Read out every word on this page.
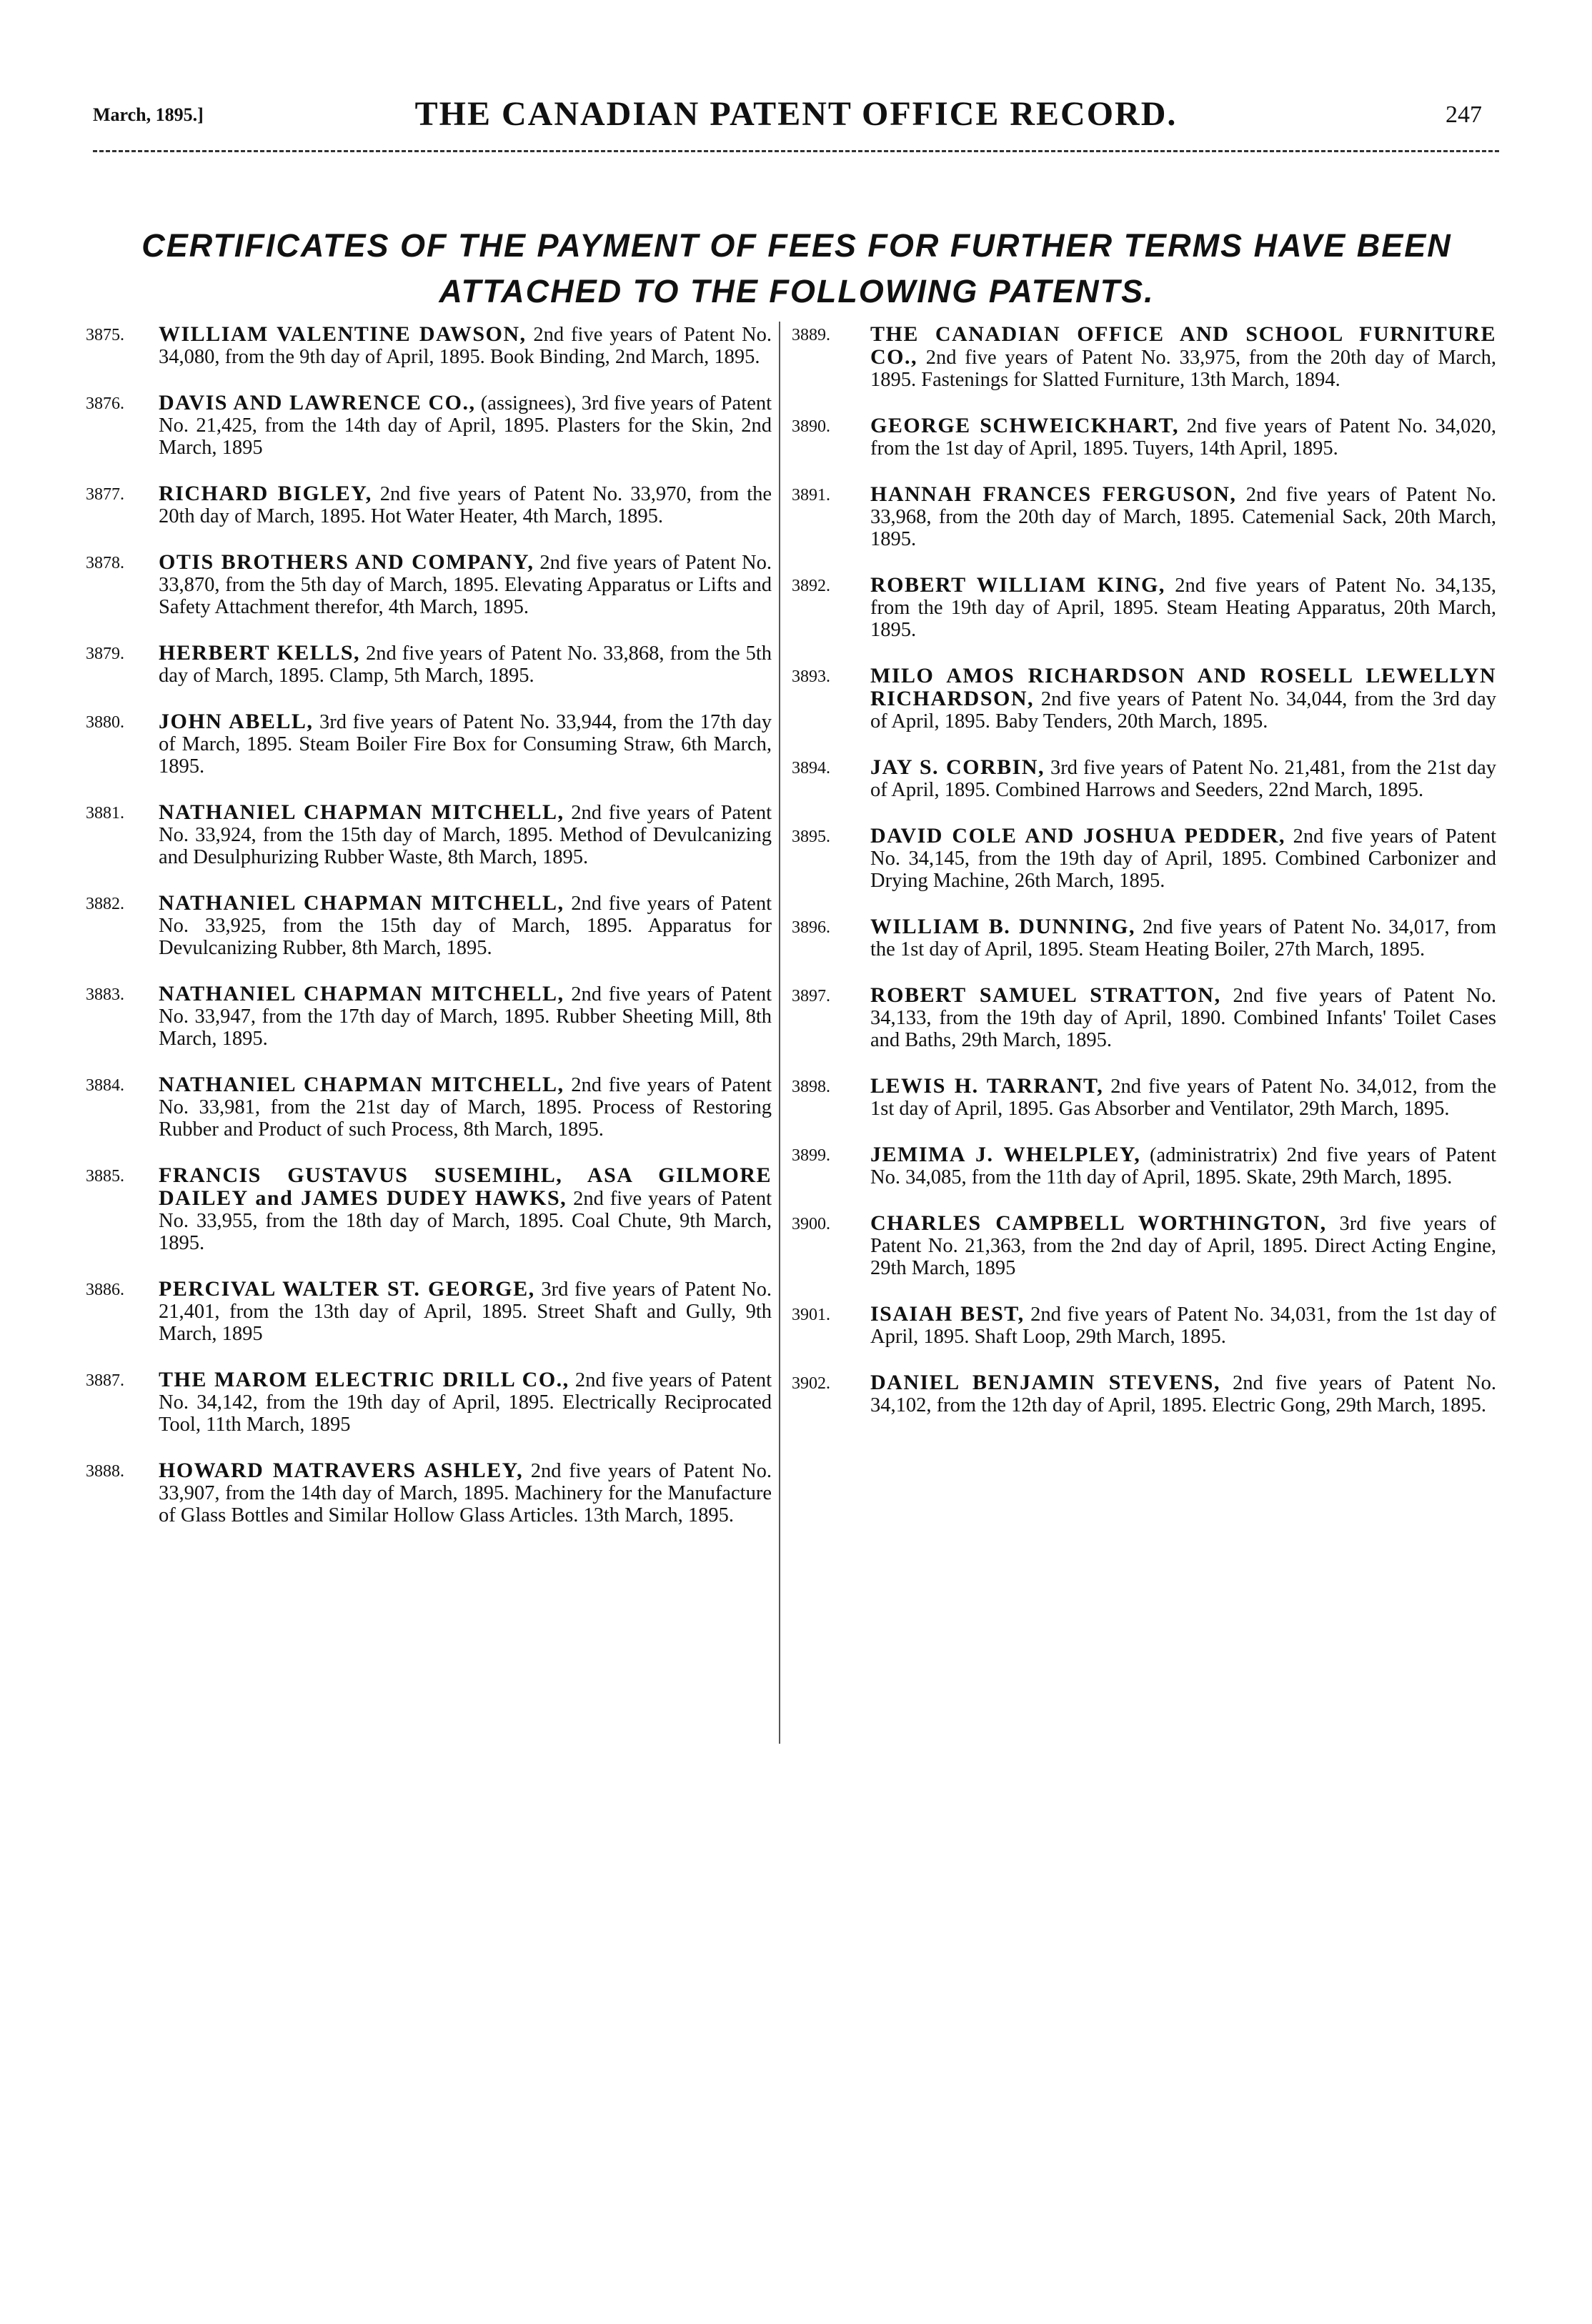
March, 1895.]	THE CANADIAN PATENT OFFICE RECORD.	247
CERTIFICATES OF THE PAYMENT OF FEES FOR FURTHER TERMS HAVE BEEN ATTACHED TO THE FOLLOWING PATENTS.
3875. WILLIAM VALENTINE DAWSON, 2nd five years of Patent No. 34,080, from the 9th day of April, 1895. Book Binding, 2nd March, 1895.
3876. DAVIS AND LAWRENCE CO., (assignees), 3rd five years of Patent No. 21,425, from the 14th day of April, 1895. Plasters for the Skin, 2nd March, 1895
3877. RICHARD BIGLEY, 2nd five years of Patent No. 33,970, from the 20th day of March, 1895. Hot Water Heater, 4th March, 1895.
3878. OTIS BROTHERS AND COMPANY, 2nd five years of Patent No. 33,870, from the 5th day of March, 1895. Elevating Apparatus or Lifts and Safety Attachment therefor, 4th March, 1895.
3879. HERBERT KELLS, 2nd five years of Patent No. 33,868, from the 5th day of March, 1895. Clamp, 5th March, 1895.
3880. JOHN ABELL, 3rd five years of Patent No. 33,944, from the 17th day of March, 1895. Steam Boiler Fire Box for Consuming Straw, 6th March, 1895.
3881. NATHANIEL CHAPMAN MITCHELL, 2nd five years of Patent No. 33,924, from the 15th day of March, 1895. Method of Devulcanizing and Desulphurizing Rubber Waste, 8th March, 1895.
3882. NATHANIEL CHAPMAN MITCHELL, 2nd five years of Patent No. 33,925, from the 15th day of March, 1895. Apparatus for Devulcanizing Rubber, 8th March, 1895.
3883. NATHANIEL CHAPMAN MITCHELL, 2nd five years of Patent No. 33,947, from the 17th day of March, 1895. Rubber Sheeting Mill, 8th March, 1895.
3884. NATHANIEL CHAPMAN MITCHELL, 2nd five years of Patent No. 33,981, from the 21st day of March, 1895. Process of Restoring Rubber and Product of such Process, 8th March, 1895.
3885. FRANCIS GUSTAVUS SUSEMIHL, ASA GILMORE DAILEY and JAMES DUDEY HAWKS, 2nd five years of Patent No. 33,955, from the 18th day of March, 1895. Coal Chute, 9th March, 1895.
3886. PERCIVAL WALTER ST. GEORGE, 3rd five years of Patent No. 21,401, from the 13th day of April, 1895. Street Shaft and Gully, 9th March, 1895
3887. THE MAROM ELECTRIC DRILL CO., 2nd five years of Patent No. 34,142, from the 19th day of April, 1895. Electrically Reciprocated Tool, 11th March, 1895
3888. HOWARD MATRAVERS ASHLEY, 2nd five years of Patent No. 33,907, from the 14th day of March, 1895. Machinery for the Manufacture of Glass Bottles and Similar Hollow Glass Articles. 13th March, 1895.
3889. THE CANADIAN OFFICE AND SCHOOL FURNITURE CO., 2nd five years of Patent No. 33,975, from the 20th day of March, 1895. Fastenings for Slatted Furniture, 13th March, 1894.
3890. GEORGE SCHWEICKHART, 2nd five years of Patent No. 34,020, from the 1st day of April, 1895. Tuyers, 14th April, 1895.
3891. HANNAH FRANCES FERGUSON, 2nd five years of Patent No. 33,968, from the 20th day of March, 1895. Catemenial Sack, 20th March, 1895.
3892. ROBERT WILLIAM KING, 2nd five years of Patent No. 34,135, from the 19th day of April, 1895. Steam Heating Apparatus, 20th March, 1895.
3893. MILO AMOS RICHARDSON AND ROSELL LEWELLYN RICHARDSON, 2nd five years of Patent No. 34,044, from the 3rd day of April, 1895. Baby Tenders, 20th March, 1895.
3894. JAY S. CORBIN, 3rd five years of Patent No. 21,481, from the 21st day of April, 1895. Combined Harrows and Seeders, 22nd March, 1895.
3895. DAVID COLE AND JOSHUA PEDDER, 2nd five years of Patent No. 34,145, from the 19th day of April, 1895. Combined Carbonizer and Drying Machine, 26th March, 1895.
3896. WILLIAM B. DUNNING, 2nd five years of Patent No. 34,017, from the 1st day of April, 1895. Steam Heating Boiler, 27th March, 1895.
3897. ROBERT SAMUEL STRATTON, 2nd five years of Patent No. 34,133, from the 19th day of April, 1890. Combined Infants' Toilet Cases and Baths, 29th March, 1895.
3898. LEWIS H. TARRANT, 2nd five years of Patent No. 34,012, from the 1st day of April, 1895. Gas Absorber and Ventilator, 29th March, 1895.
3899. JEMIMA J. WHELPLEY, (administratrix) 2nd five years of Patent No. 34,085, from the 11th day of April, 1895. Skate, 29th March, 1895.
3900. CHARLES CAMPBELL WORTHINGTON, 3rd five years of Patent No. 21,363, from the 2nd day of April, 1895. Direct Acting Engine, 29th March, 1895
3901. ISAIAH BEST, 2nd five years of Patent No. 34,031, from the 1st day of April, 1895. Shaft Loop, 29th March, 1895.
3902. DANIEL BENJAMIN STEVENS, 2nd five years of Patent No. 34,102, from the 12th day of April, 1895. Electric Gong, 29th March, 1895.
